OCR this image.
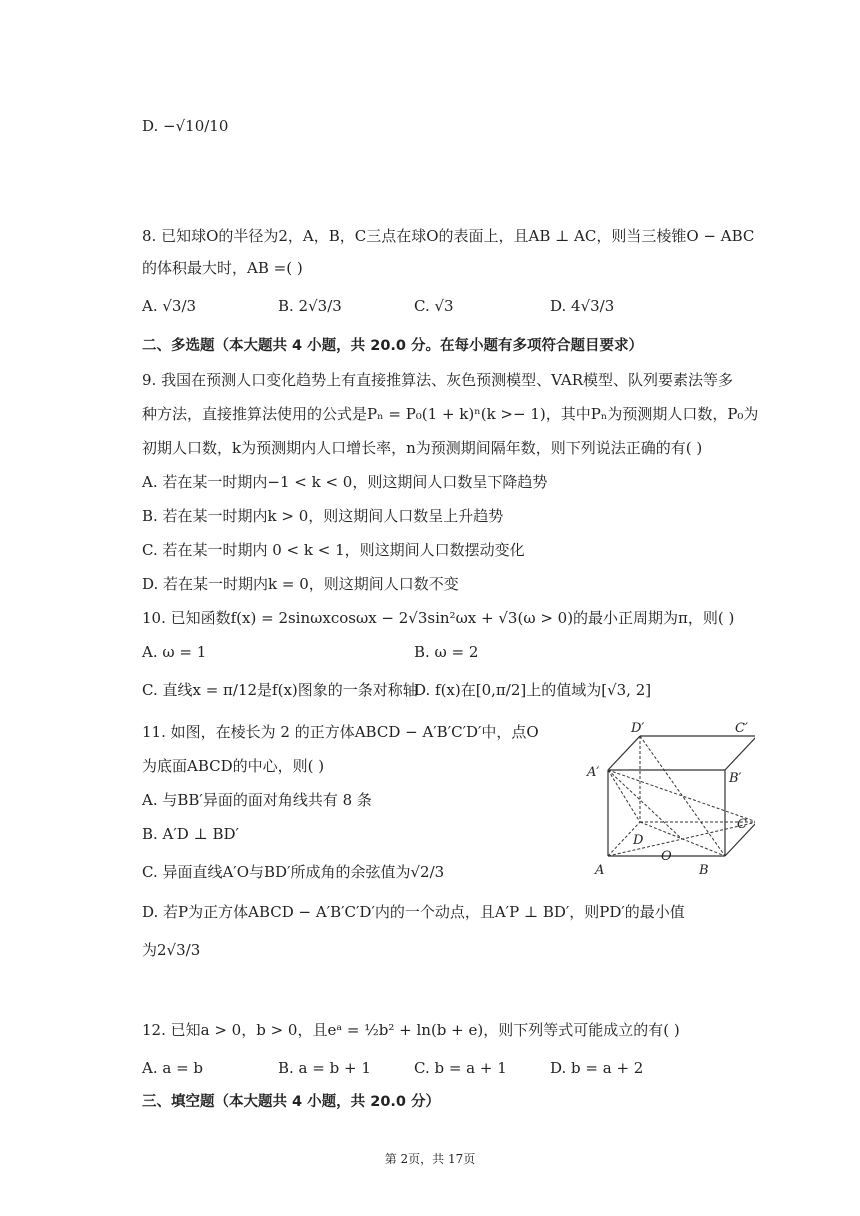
D. −√10/10
8. 已知球O的半径为2，A，B，C三点在球O的表面上，且AB ⊥ AC，则当三棱锥O − ABC
的体积最大时，AB =( )
A. √3/3	B. 2√3/3	C. √3	D. 4√3/3
二、多选题（本大题共 4 小题，共 20.0 分。在每小题有多项符合题目要求）
9. 我国在预测人口变化趋势上有直接推算法、灰色预测模型、VAR模型、队列要素法等多
种方法，直接推算法使用的公式是Pₙ = P₀(1 + k)ⁿ(k >− 1)，其中Pₙ为预测期人口数，P₀为
初期人口数，k为预测期内人口增长率，n为预测期间隔年数，则下列说法正确的有( )
A. 若在某一时期内−1 < k < 0，则这期间人口数呈下降趋势
B. 若在某一时期内k > 0，则这期间人口数呈上升趋势
C. 若在某一时期内 0 < k < 1，则这期间人口数摆动变化
D. 若在某一时期内k = 0，则这期间人口数不变
10. 已知函数f(x) = 2sinωxcosωx − 2√3sin²ωx + √3(ω > 0)的最小正周期为π，则( )
A. ω = 1	B. ω = 2
C. 直线x = π/12是f(x)图象的一条对称轴
D. f(x)在[0,π/2]上的值域为[√3, 2]
11. 如图，在棱长为 2 的正方体ABCD − A′B′C′D′中，点O
为底面ABCD的中心，则( )
A. 与BB′异面的面对角线共有 8 条
B. A′D ⊥ BD′
C. 异面直线A′O与BD′所成角的余弦值为√2/3
D. 若P为正方体ABCD − A′B′C′D′内的一个动点，且A′P ⊥ BD′，则PD′的最小值
为2√3/3
D′	C′
A′	B′
C
D
O
A	B
12. 已知a > 0，b > 0，且eᵃ = ½b² + ln(b + e)，则下列等式可能成立的有( )
A. a = b	B. a = b + 1	C. b = a + 1	D. b = a + 2
三、填空题（本大题共 4 小题，共 20.0 分）
第 2页，共 17页
